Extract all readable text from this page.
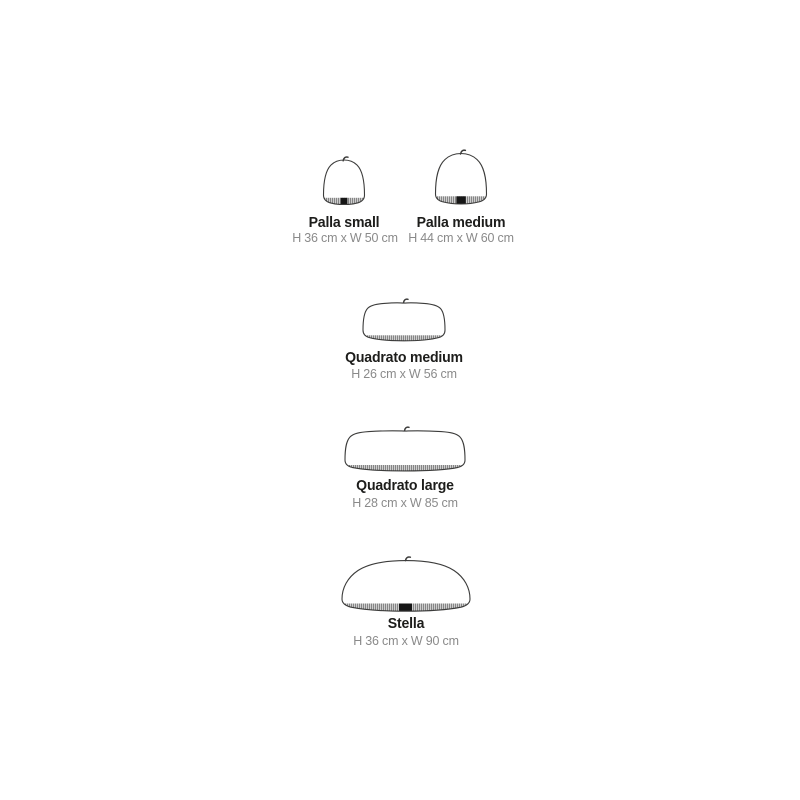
Palla small
H 36 cm x W 50 cm
Palla medium
H 44 cm x W 60 cm
Quadrato medium
H 26 cm x W 56 cm
Quadrato large
H 28 cm x W 85 cm
Stella
H 36 cm x W 90 cm
